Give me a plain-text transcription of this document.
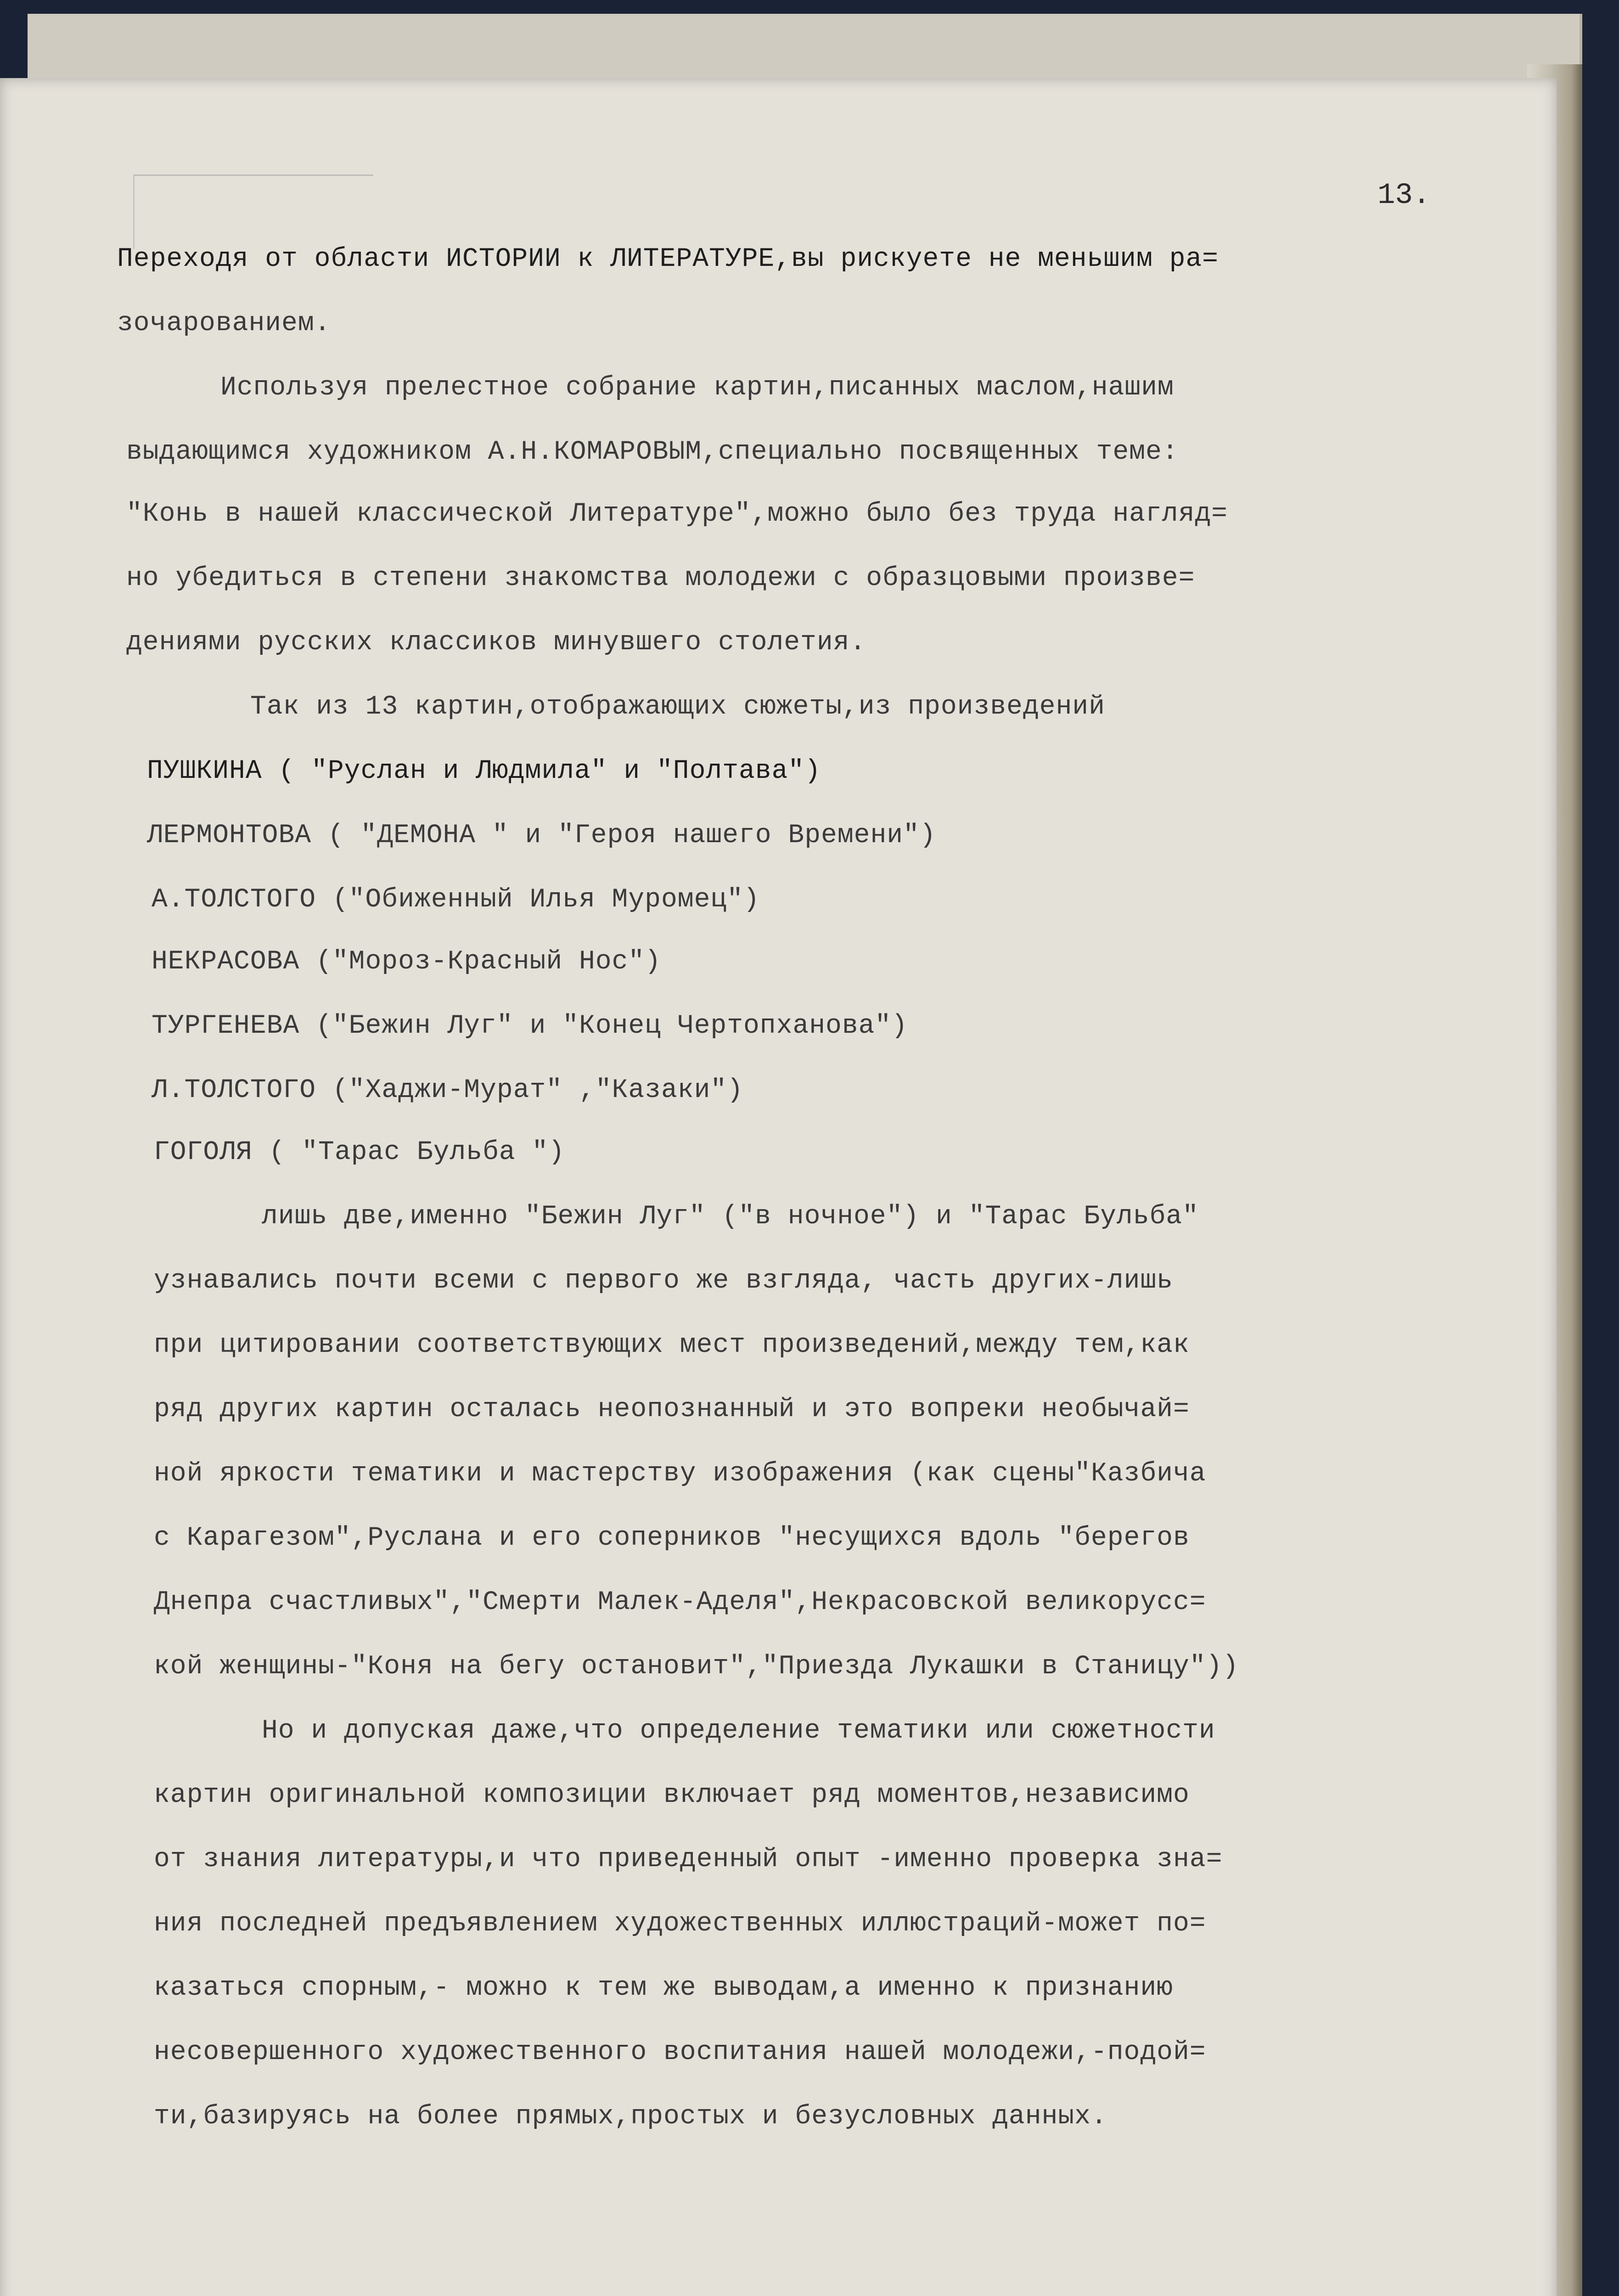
13.
Переходя от области ИСТОРИИ к ЛИТЕРАТУРЕ,вы рискуете не меньшим ра=
зочарованием.
Используя прелестное собрание картин,писанных маслом,нашим
выдающимся художником А.Н.КОМАРОВЫМ,специально посвященных теме:
"Конь в нашей классической Литературе",можно было без труда нагляд=
но убедиться в степени знакомства молодежи с образцовыми произве=
дениями русских классиков минувшего столетия.
Так из 13 картин,отображающих сюжеты,из произведений
ПУШКИНА ( "Руслан и Людмила" и "Полтава")
ЛЕРМОНТОВА ( "ДЕМОНА " и "Героя нашего Времени")
А.ТОЛСТОГО ("Обиженный Илья Муромец")
НЕКРАСОВА ("Мороз-Красный Нос")
ТУРГЕНЕВА ("Бежин Луг" и "Конец Чертопханова")
Л.ТОЛСТОГО ("Хаджи-Мурат" ,"Казаки")
ГОГОЛЯ ( "Тарас Бульба ")
лишь две,именно "Бежин Луг" ("в ночное") и "Тарас Бульба"
узнавались почти всеми с первого же взгляда, часть других-лишь
при цитировании соответствующих мест произведений,между тем,как
ряд других картин осталась неопознанный и это вопреки необычай=
ной яркости тематики и мастерству изображения (как сцены"Казбича
с Карагезом",Руслана и его соперников "несущихся вдоль "берегов
Днепра счастливых","Смерти Малек-Аделя",Некрасовской великорусс=
кой женщины-"Коня на бегу остановит","Приезда Лукашки в Станицу"))
Но и допуская даже,что определение тематики или сюжетности
картин оригинальной композиции включает ряд моментов,независимо
от знания литературы,и что приведенный опыт -именно проверка зна=
ния последней предъявлением художественных иллюстраций-может по=
казаться спорным,- можно к тем же выводам,а именно к признанию
несовершенного художественного воспитания нашей молодежи,-подой=
ти,базируясь на более прямых,простых и безусловных данных.
